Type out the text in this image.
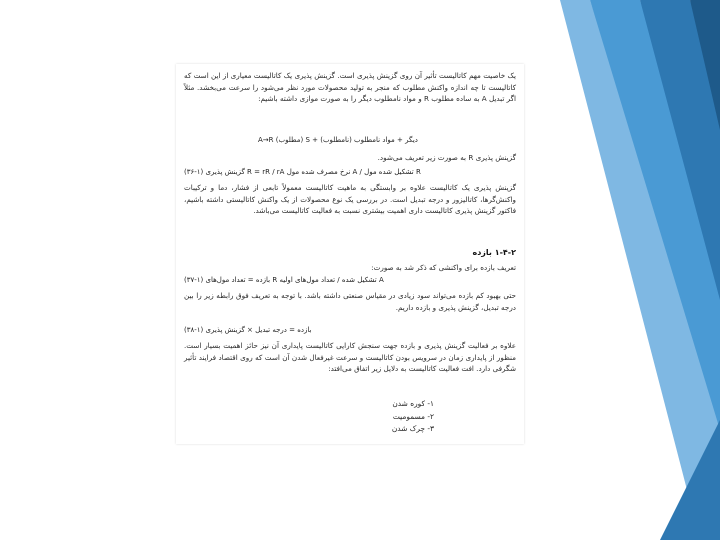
یک خاصیت مهم کاتالیست تأثیر آن روی گزینش پذیری است. گزینش پذیری یک کاتالیست معیاری از این است که کاتالیست تا چه اندازه واکنش مطلوب که منجر به تولید محصولات مورد نظر می‌شود را سرعت می‌بخشد. مثلاً اگر تبدیل A به ساده مطلوب R و مواد نامطلوب دیگر را به صورت موازی داشته باشیم:

A→R (مطلوب) S + (نامطلوب) دیگر + مواد نامطلوب

گزینش پذیری R به صورت زیر تعریف می‌شود.

(۳۶-۱) گزینش پذیری R = rR / rA نرخ مصرف شده مول A / تشکیل شده مول R

گزینش پذیری یک کاتالیست علاوه بر وابستگی به ماهیت کاتالیست معمولاً تابعی از فشار، دما و ترکیبات واکنش‌گرها، کاتالیزور و درجه تبدیل است. در بررسی یک نوع محصولات از یک واکنش کاتالیستی داشته باشیم، فاکتور گزینش پذیری کاتالیست داری اهمیت بیشتری نسبت به فعالیت کاتالیست می‌باشد.

۱-۴-۲ بازده

تعریف بازده برای واکنشی که ذکر شد به صورت:

(۳۷-۱) بازده = تعداد مول‌های R تشکیل شده / تعداد مول‌های اولیه A

حتی بهبود کم بازده می‌تواند سود زیادی در مقیاس صنعتی داشته باشد. با توجه به تعریف فوق رابطه زیر را بین درجه تبدیل، گزینش پذیری و بازده داریم.

(۳۸-۱) بازده = درجه تبدیل × گزینش پذیری

علاوه بر فعالیت گزینش پذیری و بازده جهت سنجش کارایی کاتالیست پایداری آن نیز حائز اهمیت بسیار است. منظور از پایداری زمان در سرویس بودن کاتالیست و سرعت غیرفعال شدن آن است که روی اقتصاد فرایند تأثیر شگرفی دارد. افت فعالیت کاتالیست به دلایل زیر اتفاق می‌افتد:

۱- کوره شدن
۲- مسمومیت
۳- چرک شدن
